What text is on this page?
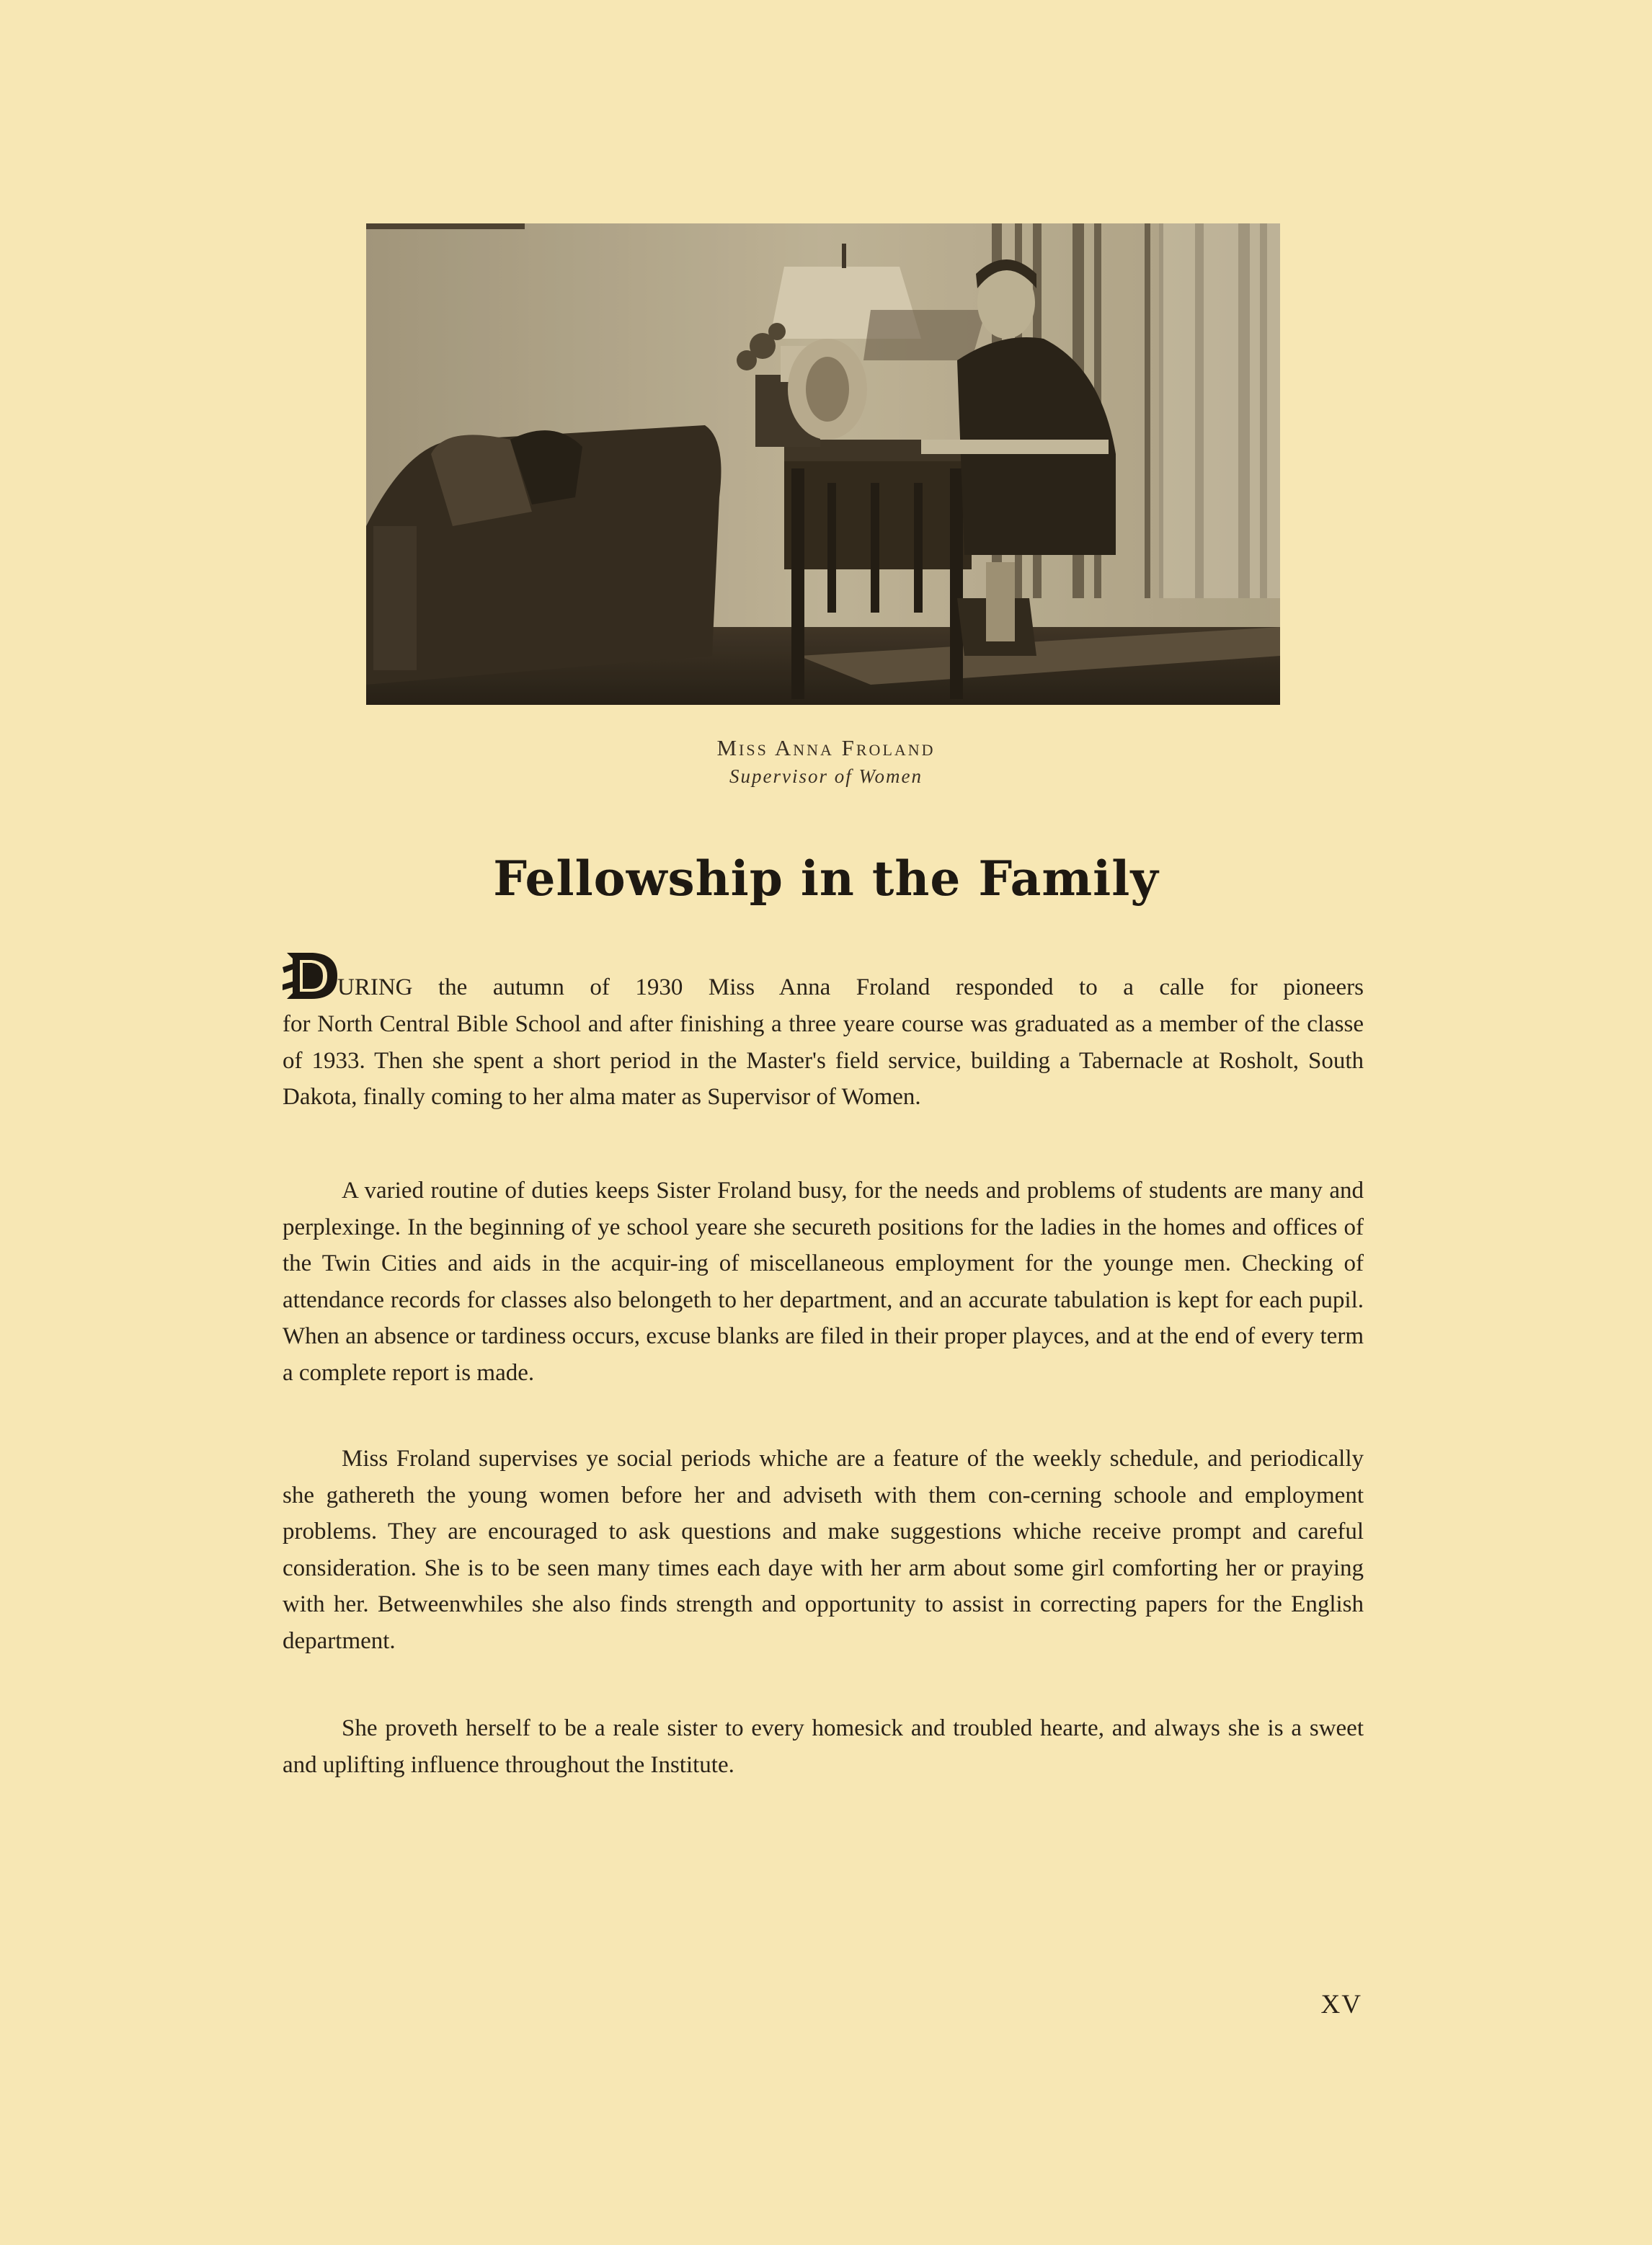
Miss Anna Froland
Supervisor of Women
Fellowship in the Family
URING the autumn of 1930 Miss Anna Froland responded to a calle for pioneers
for North Central Bible School and after finishing a three yeare course was graduated as a member of the classe of 1933. Then she spent a short period in the Master's field service, building a Tabernacle at Rosholt, South Dakota, finally coming to her alma mater as Supervisor of Women.
A varied routine of duties keeps Sister Froland busy, for the needs and problems of students are many and perplexinge. In the beginning of ye school yeare she secureth positions for the ladies in the homes and offices of the Twin Cities and aids in the acquir-ing of miscellaneous employment for the younge men. Checking of attendance records for classes also belongeth to her department, and an accurate tabulation is kept for each pupil. When an absence or tardiness occurs, excuse blanks are filed in their proper playces, and at the end of every term a complete report is made.
Miss Froland supervises ye social periods whiche are a feature of the weekly schedule, and periodically she gathereth the young women before her and adviseth with them con-cerning schoole and employment problems. They are encouraged to ask questions and make suggestions whiche receive prompt and careful consideration. She is to be seen many times each daye with her arm about some girl comforting her or praying with her. Betweenwhiles she also finds strength and opportunity to assist in correcting papers for the English department.
She proveth herself to be a reale sister to every homesick and troubled hearte, and always she is a sweet and uplifting influence throughout the Institute.
XV
